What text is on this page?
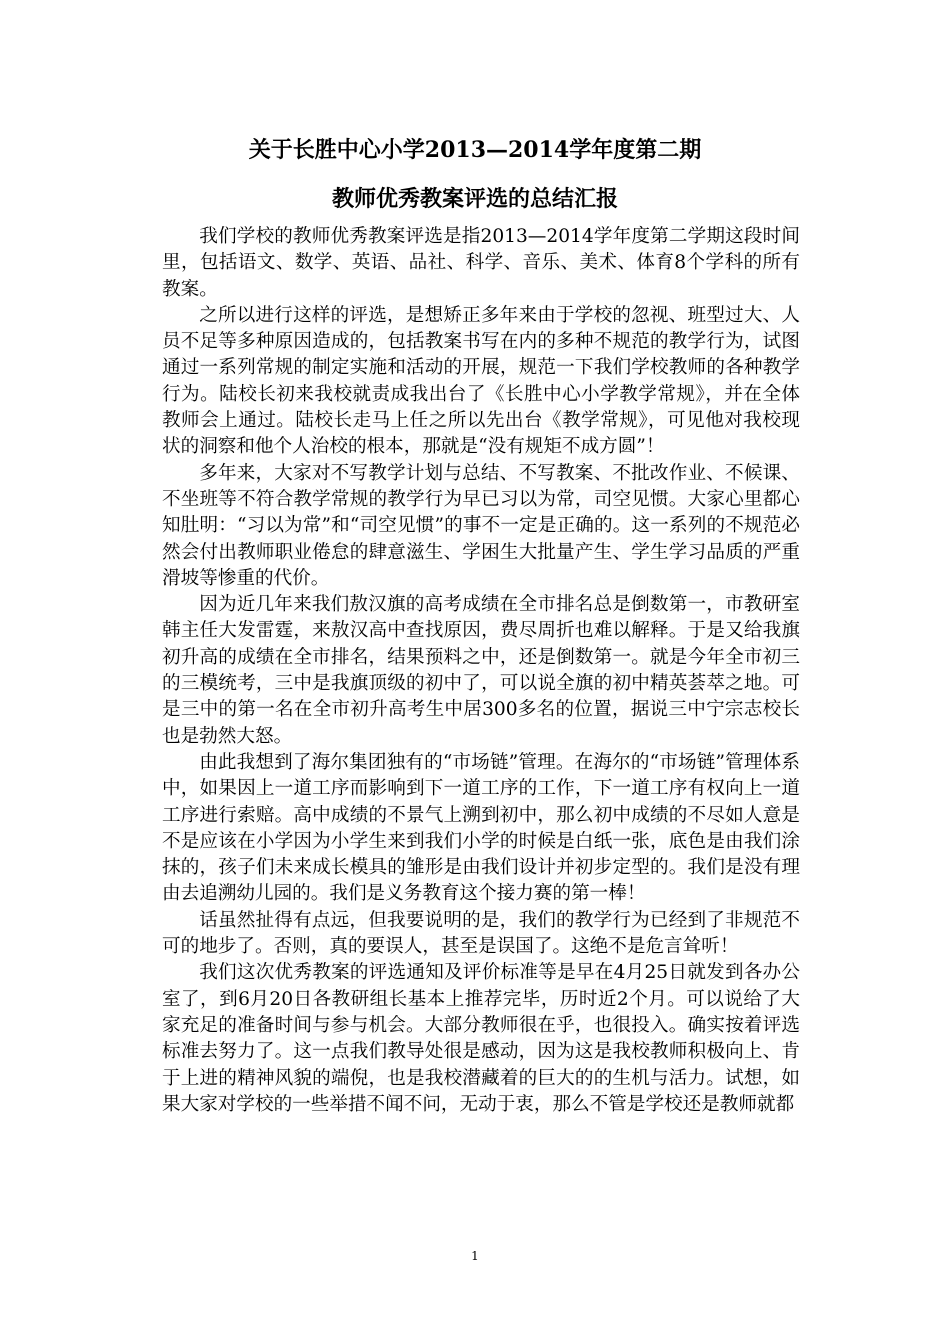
关于长胜中心小学2013—2014学年度第二期
教师优秀教案评选的总结汇报

我们学校的教师优秀教案评选是指2013—2014学年度第二学期这段时间里，包括语文、数学、英语、品社、科学、音乐、美术、体育8个学科的所有教案。

之所以进行这样的评选，是想矫正多年来由于学校的忽视、班型过大、人员不足等多种原因造成的，包括教案书写在内的多种不规范的教学行为，试图通过一系列常规的制定实施和活动的开展，规范一下我们学校教师的各种教学行为。陆校长初来我校就责成我出台了《长胜中心小学教学常规》，并在全体教师会上通过。陆校长走马上任之所以先出台《教学常规》，可见他对我校现状的洞察和他个人治校的根本，那就是“没有规矩不成方圆”！

多年来，大家对不写教学计划与总结、不写教案、不批改作业、不候课、不坐班等不符合教学常规的教学行为早已习以为常，司空见惯。大家心里都心知肚明：“习以为常”和“司空见惯”的事不一定是正确的。这一系列的不规范必然会付出教师职业倦怠的肆意滋生、学困生大批量产生、学生学习品质的严重滑坡等惨重的代价。

因为近几年来我们敖汉旗的高考成绩在全市排名总是倒数第一，市教研室韩主任大发雷霆，来敖汉高中查找原因，费尽周折也难以解释。于是又给我旗初升高的成绩在全市排名，结果预料之中，还是倒数第一。就是今年全市初三的三模统考，三中是我旗顶级的初中了，可以说全旗的初中精英荟萃之地。可是三中的第一名在全市初升高考生中居300多名的位置，据说三中宁宗志校长也是勃然大怒。

由此我想到了海尔集团独有的“市场链”管理。在海尔的“市场链”管理体系中，如果因上一道工序而影响到下一道工序的工作，下一道工序有权向上一道工序进行索赔。高中成绩的不景气上溯到初中，那么初中成绩的不尽如人意是不是应该在小学因为小学生来到我们小学的时候是白纸一张，底色是由我们涂抹的，孩子们未来成长模具的雏形是由我们设计并初步定型的。我们是没有理由去追溯幼儿园的。我们是义务教育这个接力赛的第一棒！

话虽然扯得有点远，但我要说明的是，我们的教学行为已经到了非规范不可的地步了。否则，真的要误人，甚至是误国了。这绝不是危言耸听！

我们这次优秀教案的评选通知及评价标准等是早在4月25日就发到各办公室了，到6月20日各教研组长基本上推荐完毕，历时近2个月。可以说给了大家充足的准备时间与参与机会。大部分教师很在乎，也很投入。确实按着评选标准去努力了。这一点我们教导处很是感动，因为这是我校教师积极向上、肯于上进的精神风貌的端倪，也是我校潜藏着的巨大的的生机与活力。试想，如果大家对学校的一些举措不闻不问，无动于衷，那么不管是学校还是教师就都

1
